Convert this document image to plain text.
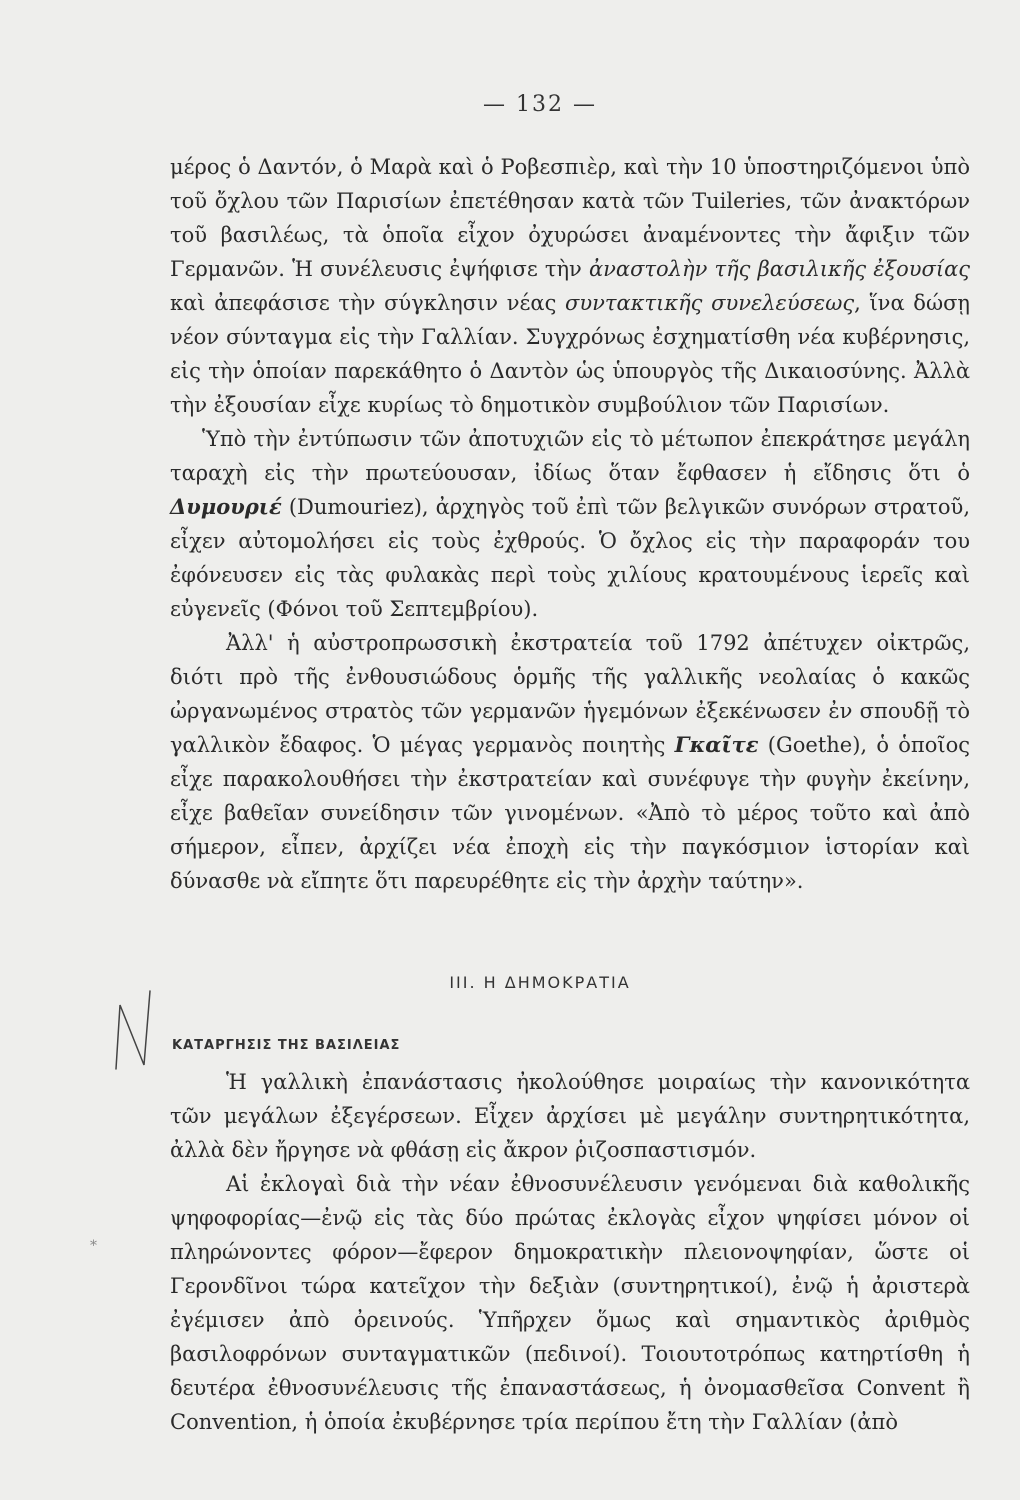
— 132 —

μέρος ὁ Δαντόν, ὁ Μαρὰ καὶ ὁ Ροβεσπιὲρ, καὶ τὴν 10 ὑποστηριζόμενοι ὑπὸ τοῦ ὄχλου τῶν Παρισίων ἐπετέθησαν κατὰ τῶν Tuileries, τῶν ἀνακτόρων τοῦ βασιλέως, τὰ ὁποῖα εἶχον ὀχυρώσει ἀναμένοντες τὴν ἄφιξιν τῶν Γερμανῶν. Ἡ συνέλευσις ἐψήφισε τὴν ἀναστολὴν τῆς βασιλικῆς ἐξουσίας καὶ ἀπεφάσισε τὴν σύγκλησιν νέας συντακτικῆς συνελεύσεως, ἵνα δώσῃ νέον σύνταγμα εἰς τὴν Γαλλίαν. Συγχρόνως ἐσχηματίσθη νέα κυβέρνησις, εἰς τὴν ὁποίαν παρεκάθητο ὁ Δαντὸν ὡς ὑπουργὸς τῆς Δικαιοσύνης. Ἀλλὰ τὴν ἐξουσίαν εἶχε κυρίως τὸ δημοτικὸν συμβούλιον τῶν Παρισίων.

Ὑπὸ τὴν ἐντύπωσιν τῶν ἀποτυχιῶν εἰς τὸ μέτωπον ἐπεκράτησε μεγάλη ταραχὴ εἰς τὴν πρωτεύουσαν, ἰδίως ὅταν ἔφθασεν ἡ εἴδησις ὅτι ὁ Δυμουριέ (Dumouriez), ἀρχηγὸς τοῦ ἐπὶ τῶν βελγικῶν συνόρων στρατοῦ, εἶχεν αὐτομολήσει εἰς τοὺς ἐχθρούς. Ὁ ὄχλος εἰς τὴν παραφοράν του ἐφόνευσεν εἰς τὰς φυλακὰς περὶ τοὺς χιλίους κρατουμένους ἱερεῖς καὶ εὐγενεῖς (Φόνοι τοῦ Σεπτεμβρίου).

Ἀλλ' ἡ αὐστροπρωσσικὴ ἐκστρατεία τοῦ 1792 ἀπέτυχεν οἰκτρῶς, διότι πρὸ τῆς ἐνθουσιώδους ὁρμῆς τῆς γαλλικῆς νεολαίας ὁ κακῶς ὠργανωμένος στρατὸς τῶν γερμανῶν ἡγεμόνων ἐξεκένωσεν ἐν σπουδῇ τὸ γαλλικὸν ἔδαφος. Ὁ μέγας γερμανὸς ποιητὴς Γκαῖτε (Goethe), ὁ ὁποῖος εἶχε παρακολουθήσει τὴν ἐκστρατείαν καὶ συνέφυγε τὴν φυγὴν ἐκείνην, εἶχε βαθεῖαν συνείδησιν τῶν γινομένων. «Ἀπὸ τὸ μέρος τοῦτο καὶ ἀπὸ σήμερον, εἶπεν, ἀρχίζει νέα ἐποχὴ εἰς τὴν παγκόσμιον ἱστορίαν καὶ δύνασθε νὰ εἴπητε ὅτι παρευρέθητε εἰς τὴν ἀρχὴν ταύτην».

III. Η ΔΗΜΟΚΡΑΤΙΑ
ΚΑΤΑΡΓΗΣΙΣ ΤΗΣ ΒΑΣΙΛΕΙΑΣ

Ἡ γαλλικὴ ἐπανάστασις ἠκολούθησε μοιραίως τὴν κανονικότητα τῶν μεγάλων ἐξεγέρσεων. Εἶχεν ἀρχίσει μὲ μεγάλην συντηρητικότητα, ἀλλὰ δὲν ἤργησε νὰ φθάσῃ εἰς ἄκρον ῥιζοσπαστισμόν.

Αἱ ἐκλογαὶ διὰ τὴν νέαν ἐθνοσυνέλευσιν γενόμεναι διὰ καθολικῆς ψηφοφορίας—ἐνῷ εἰς τὰς δύο πρώτας ἐκλογὰς εἶχον ψηφίσει μόνον οἱ πληρώνοντες φόρον—ἔφερον δημοκρατικὴν πλειονοψηφίαν, ὥστε οἱ Γερονδῖνοι τώρα κατεῖχον τὴν δεξιὰν (συντηρητικοί), ἐνῷ ἡ ἀριστερὰ ἐγέμισεν ἀπὸ ὀρεινούς. Ὑπῆρχεν ὅμως καὶ σημαντικὸς ἀριθμὸς βασιλοφρόνων συνταγματικῶν (πεδινοί). Τοιουτοτρόπως κατηρτίσθη ἡ δευτέρα ἐθνοσυνέλευσις τῆς ἐπαναστάσεως, ἡ ὀνομασθεῖσα Convent ἢ Convention, ἡ ὁποία ἐκυβέρνησε τρία περίπου ἔτη τὴν Γαλλίαν (ἀπὸ

*
